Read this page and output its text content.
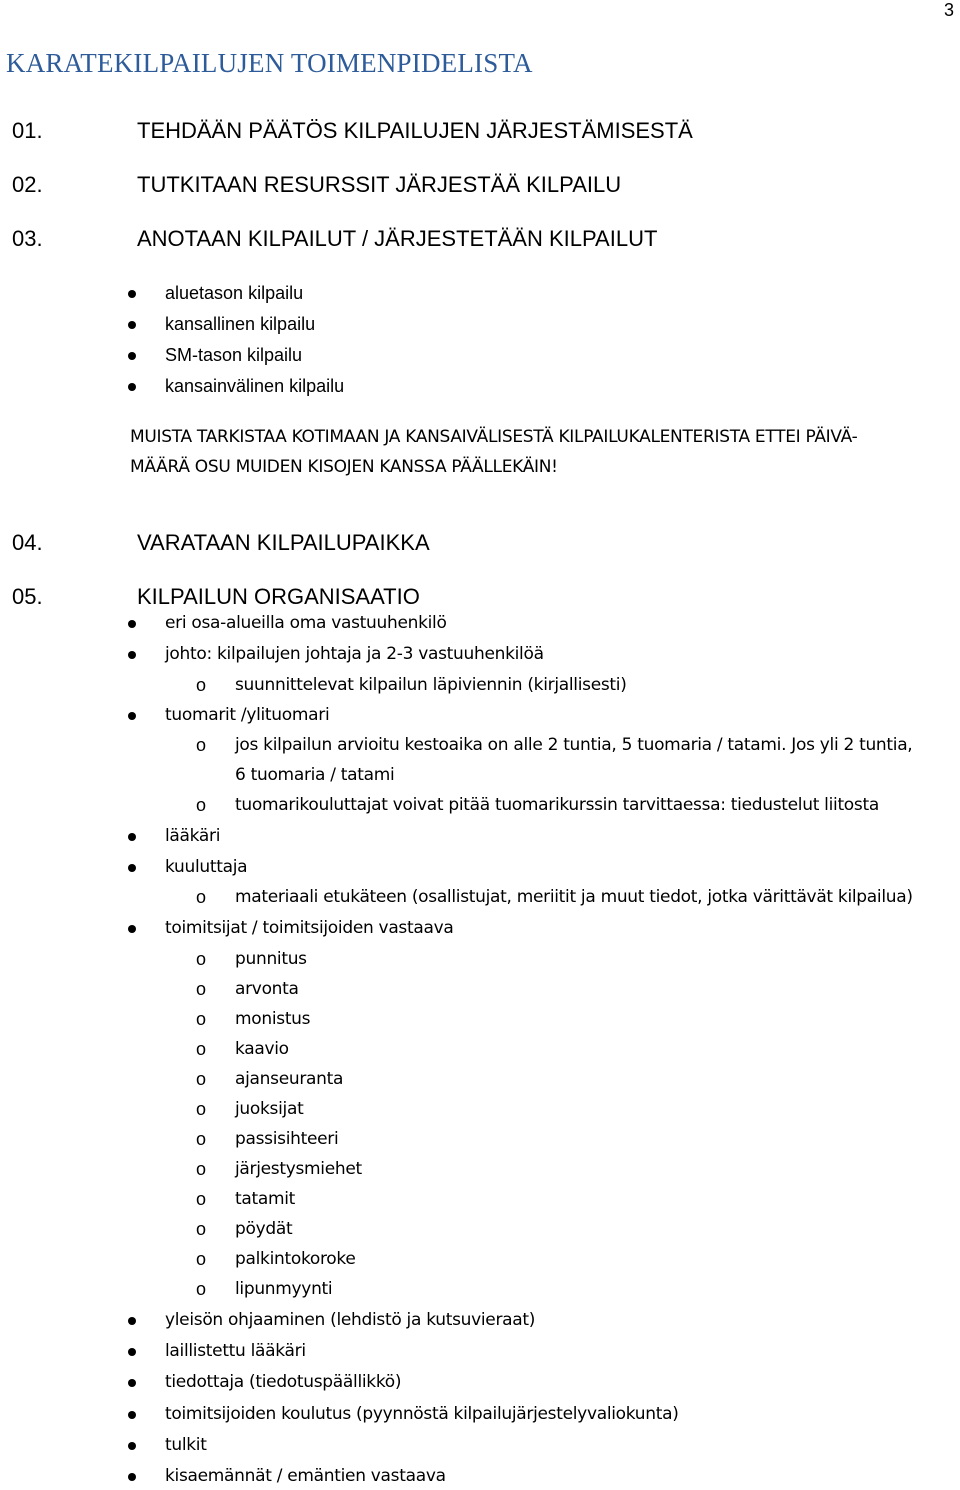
3
KARATEKILPAILUJEN TOIMENPIDELISTA
01.	TEHDÄÄN PÄÄTÖS KILPAILUJEN JÄRJESTÄMISESTÄ
02.	TUTKITAAN RESURSSIT JÄRJESTÄÄ KILPAILU
03.	ANOTAAN KILPAILUT / JÄRJESTETÄÄN KILPAILUT
aluetason kilpailu
kansallinen kilpailu
SM-tason kilpailu
kansainvälinen kilpailu
MUISTA TARKISTAA KOTIMAAN JA KANSAIVÄLISESTÄ KILPAILUKALENTERISTA ETTEI PÄIVÄ-
MÄÄRÄ OSU MUIDEN KISOJEN KANSSA PÄÄLLEKÄIN!
04.	VARATAAN KILPAILUPAIKKA
05.	KILPAILUN ORGANISAATIO
eri osa-alueilla oma vastuuhenkilö
johto: kilpailujen johtaja ja 2-3 vastuuhenkilöä
o suunnittelevat kilpailun läpiviennin (kirjallisesti)
tuomarit /ylituomari
o jos kilpailun arvioitu kestoaika on alle 2 tuntia, 5 tuomaria / tatami. Jos yli 2 tuntia,
6 tuomaria / tatami
o tuomarikouluttajat voivat pitää tuomarikurssin tarvittaessa: tiedustelut liitosta
lääkäri
kuuluttaja
o materiaali etukäteen (osallistujat, meriitit ja muut tiedot, jotka värittävät kilpailua)
toimitsijat / toimitsijoiden vastaava
o punnitus
o arvonta
o monistus
o kaavio
o ajanseuranta
o juoksijat
o passisihteeri
o järjestysmiehet
o tatamit
o pöydät
o palkintokoroke
o lipunmyynti
yleisön ohjaaminen (lehdistö ja kutsuvieraat)
laillistettu lääkäri
tiedottaja (tiedotuspäällikkö)
toimitsijoiden koulutus (pyynnöstä kilpailujärjestelyvaliokunta)
tulkit
kisaemännät / emäntien vastaava
